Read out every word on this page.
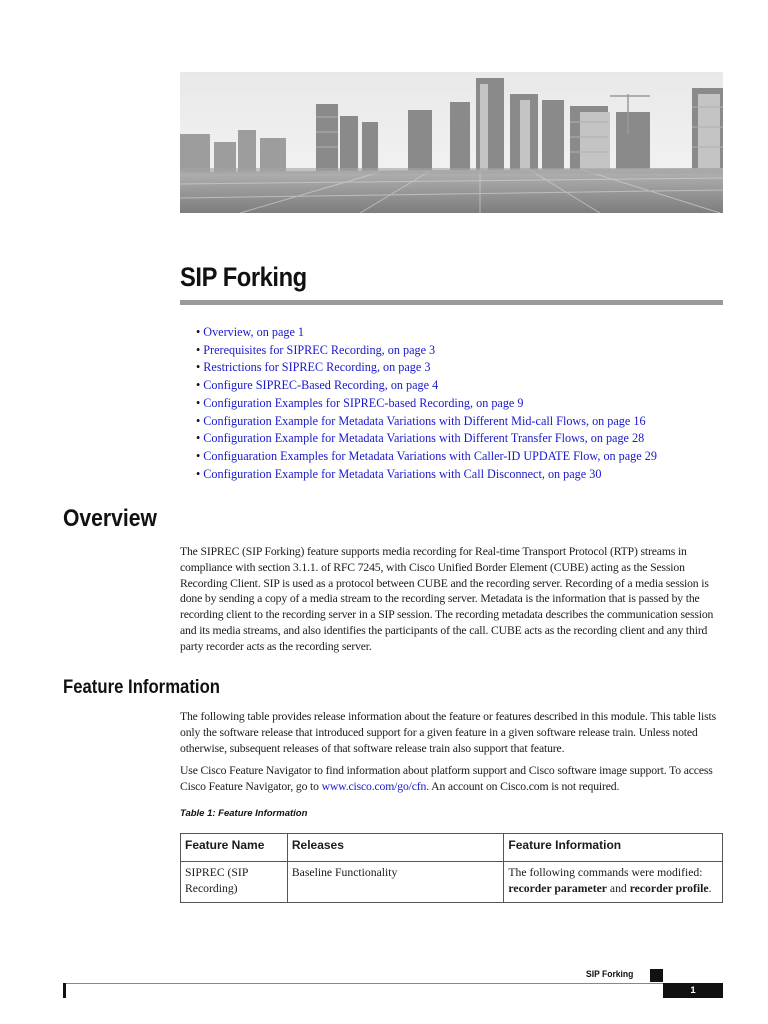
SIP Forking
• Overview, on page 1
• Prerequisites for SIPREC Recording, on page 3
• Restrictions for SIPREC Recording, on page 3
• Configure SIPREC-Based Recording, on page 4
• Configuration Examples for SIPREC-based Recording, on page 9
• Configuration Example for Metadata Variations with Different Mid-call Flows, on page 16
• Configuration Example for Metadata Variations with Different Transfer Flows, on page 28
• Configuaration Examples for Metadata Variations with Caller-ID UPDATE Flow, on page 29
• Configuration Example for Metadata Variations with Call Disconnect, on page 30
Overview

The SIPREC (SIP Forking) feature supports media recording for Real-time Transport Protocol (RTP) streams in compliance with section 3.1.1. of RFC 7245, with Cisco Unified Border Element (CUBE) acting as the Session Recording Client. SIP is used as a protocol between CUBE and the recording server. Recording of a media session is done by sending a copy of a media stream to the recording server. Metadata is the information that is passed by the recording client to the recording server in a SIP session. The recording metadata describes the communication session and its media streams, and also identifies the participants of the call. CUBE acts as the recording client and any third party recorder acts as the recording server.

Feature Information

The following table provides release information about the feature or features described in this module. This table lists only the software release that introduced support for a given feature in a given software release train. Unless noted otherwise, subsequent releases of that software release train also support that feature.

Use Cisco Feature Navigator to find information about platform support and Cisco software image support. To access Cisco Feature Navigator, go to www.cisco.com/go/cfn. An account on Cisco.com is not required.

Table 1: Feature Information
Feature Name	Releases	Feature Information
SIPREC (SIP Recording)	Baseline Functionality	The following commands were modified: recorder parameter and recorder profile.
SIP Forking
1
